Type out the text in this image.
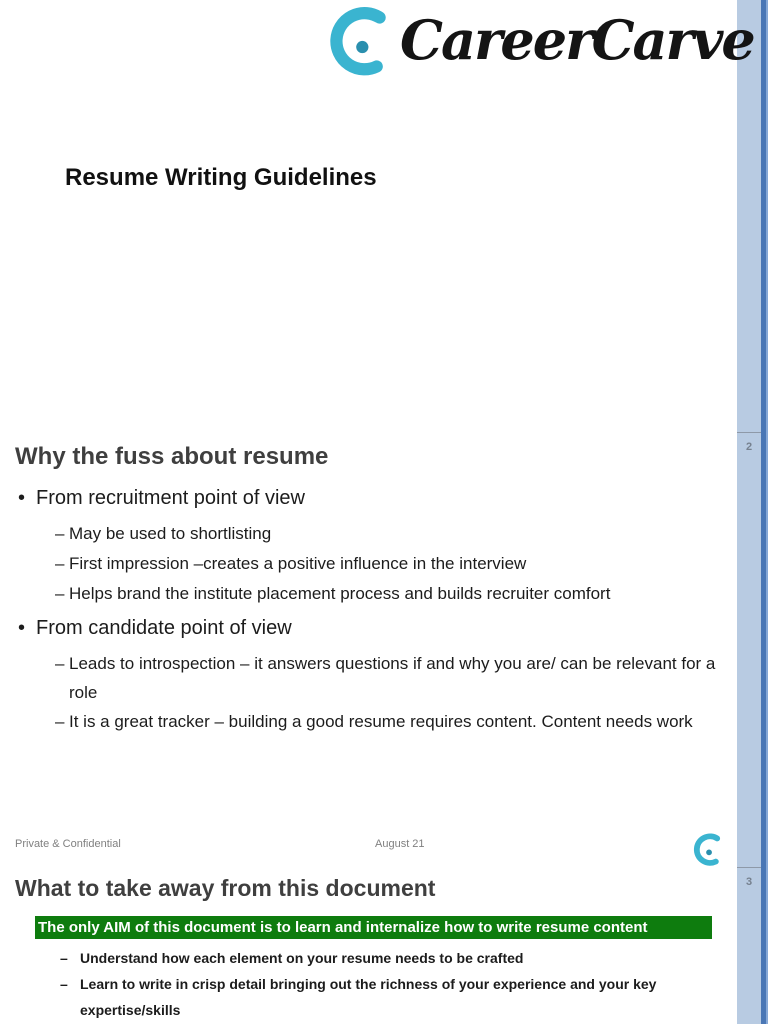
2
3
CareerCarve
Resume Writing Guidelines
Why the fuss about resume
• From recruitment point of view
– May be used to shortlisting
– First impression –creates a positive influence in the interview
– Helps brand the institute placement process and builds recruiter comfort
• From candidate point of view
– Leads to introspection – it answers questions if and why you are/ can be relevant for a role
– It is a great tracker – building a good resume requires content. Content needs work
Private & Confidential	August 21
What to take away from this document
The only AIM of this document is to learn and internalize how to write resume content
– Understand how each element on your resume needs to be crafted
– Learn to write in crisp detail bringing out the richness of your experience and your key expertise/skills
